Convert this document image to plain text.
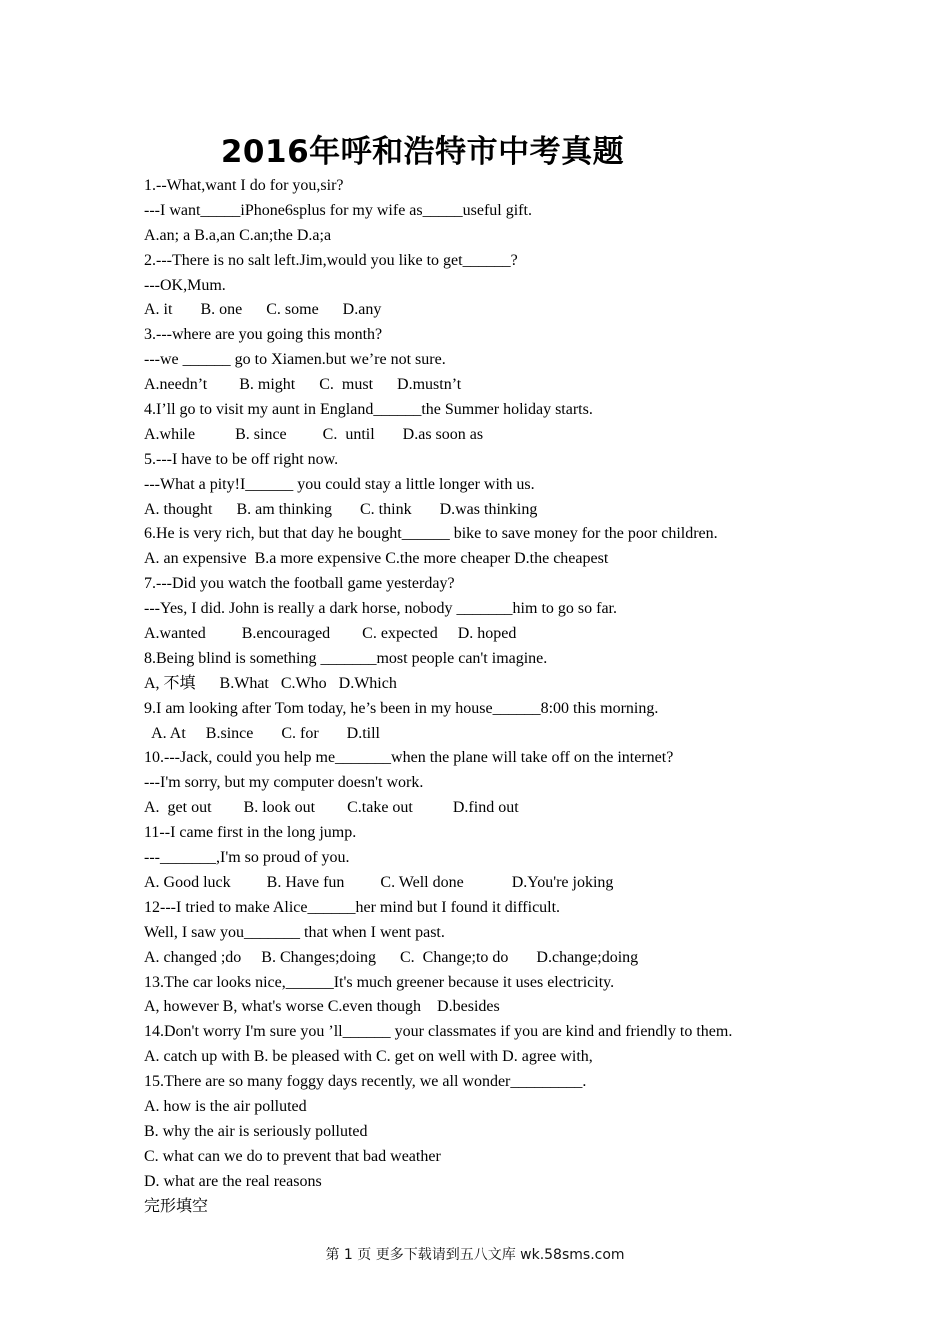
2016年呼和浩特市中考真题
1.--What,want I do for you,sir?
---I want_____iPhone6splus for my wife as_____useful gift.
A.an; a B.a,an C.an;the D.a;a
2.---There is no salt left.Jim,would you like to get______?
---OK,Mum.
A. it       B. one      C. some      D.any
3.---where are you going this month?
---we ______ go to Xiamen.but we’re not sure.
A.needn’t        B. might      C.  must      D.mustn’t
4.I’ll go to visit my aunt in England______the Summer holiday starts.
A.while          B. since         C.  until       D.as soon as
5.---I have to be off right now.
---What a pity!I______ you could stay a little longer with us.
A. thought      B. am thinking       C. think       D.was thinking
6.He is very rich, but that day he bought______ bike to save money for the poor children.
A. an expensive  B.a more expensive C.the more cheaper D.the cheapest
7.---Did you watch the football game yesterday?
---Yes, I did. John is really a dark horse, nobody _______him to go so far.
A.wanted         B.encouraged        C. expected     D. hoped
8.Being blind is something _______most people can't imagine.
A, 不填      B.What   C.Who   D.Which
9.I am looking after Tom today, he’s been in my house______8:00 this morning.
A. At     B.since       C. for       D.till
10.---Jack, could you help me_______when the plane will take off on the internet?
---I'm sorry, but my computer doesn't work.
A.  get out        B. look out        C.take out          D.find out
11--I came first in the long jump.
---_______,I'm so proud of you.
A. Good luck         B. Have fun         C. Well done            D.You're joking
12---I tried to make Alice______her mind but I found it difficult.
Well, I saw you_______ that when I went past.
A. changed ;do     B. Changes;doing      C.  Change;to do       D.change;doing
13.The car looks nice,______It's much greener because it uses electricity.
A, however B, what's worse C.even though    D.besides
14.Don't worry I'm sure you ’ll______ your classmates if you are kind and friendly to them.
A. catch up with B. be pleased with C. get on well with D. agree with,
15.There are so many foggy days recently, we all wonder_________.
A. how is the air polluted
B. why the air is seriously polluted
C. what can we do to prevent that bad weather
D. what are the real reasons
完形填空
第 1 页 更多下载请到五八文库 wk.58sms.com
